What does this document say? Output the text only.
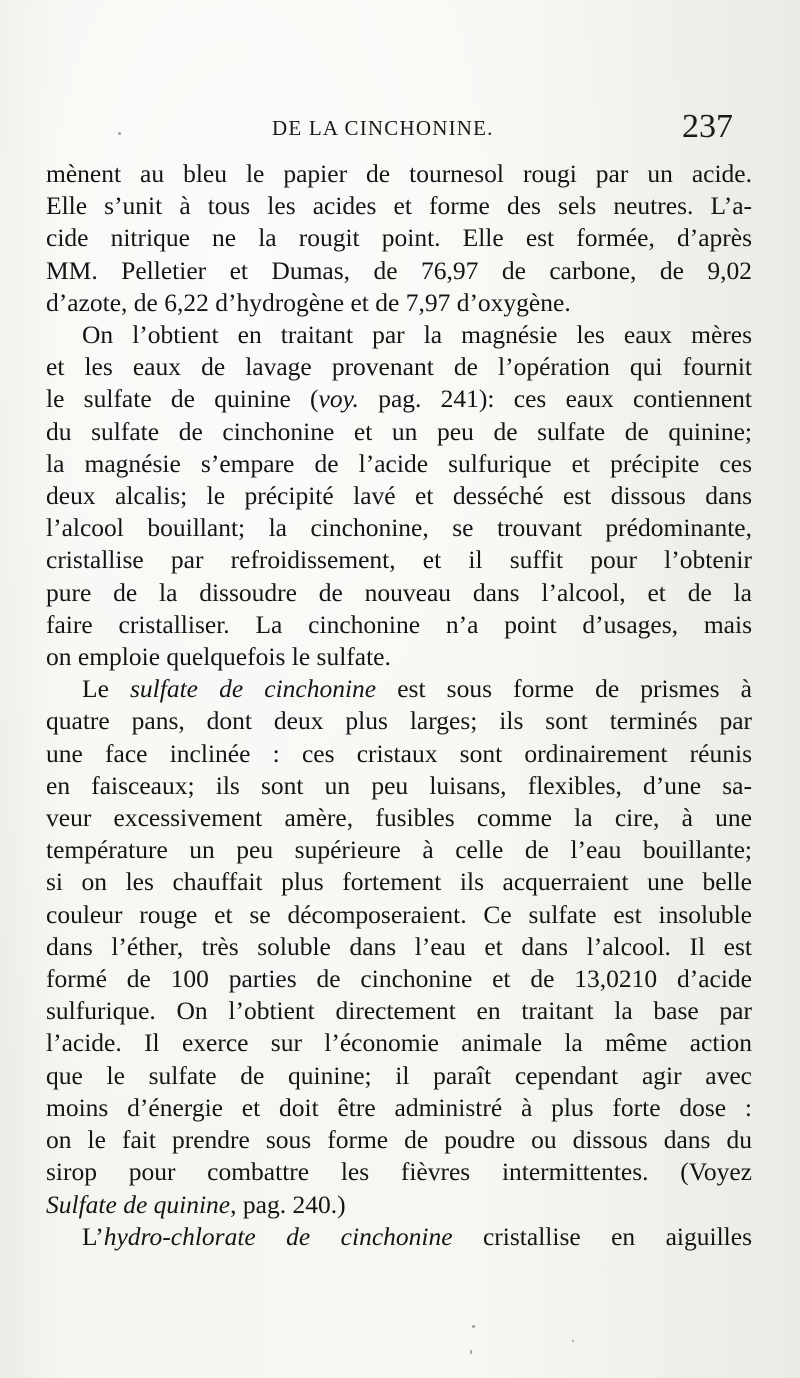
DE LA CINCHONINE.	237
mènent au bleu le papier de tournesol rougi par un acide.
Elle s’unit à tous les acides et forme des sels neutres. L’a-
cide nitrique ne la rougit point. Elle est formée, d’après
MM. Pelletier et Dumas, de 76,97 de carbone, de 9,02
d’azote, de 6,22 d’hydrogène et de 7,97 d’oxygène.
On l’obtient en traitant par la magnésie les eaux mères
et les eaux de lavage provenant de l’opération qui fournit
le sulfate de quinine (voy. pag. 241): ces eaux contiennent
du sulfate de cinchonine et un peu de sulfate de quinine;
la magnésie s’empare de l’acide sulfurique et précipite ces
deux alcalis; le précipité lavé et desséché est dissous dans
l’alcool bouillant; la cinchonine, se trouvant prédominante,
cristallise par refroidissement, et il suffit pour l’obtenir
pure de la dissoudre de nouveau dans l’alcool, et de la
faire cristalliser. La cinchonine n’a point d’usages, mais
on emploie quelquefois le sulfate.
Le sulfate de cinchonine est sous forme de prismes à
quatre pans, dont deux plus larges; ils sont terminés par
une face inclinée : ces cristaux sont ordinairement réunis
en faisceaux; ils sont un peu luisans, flexibles, d’une sa-
veur excessivement amère, fusibles comme la cire, à une
température un peu supérieure à celle de l’eau bouillante;
si on les chauffait plus fortement ils acquerraient une belle
couleur rouge et se décomposeraient. Ce sulfate est insoluble
dans l’éther, très soluble dans l’eau et dans l’alcool. Il est
formé de 100 parties de cinchonine et de 13,0210 d’acide
sulfurique. On l’obtient directement en traitant la base par
l’acide. Il exerce sur l’économie animale la même action
que le sulfate de quinine; il paraît cependant agir avec
moins d’énergie et doit être administré à plus forte dose :
on le fait prendre sous forme de poudre ou dissous dans du
sirop pour combattre les fièvres intermittentes. (Voyez
Sulfate de quinine, pag. 240.)
L’hydro-chlorate de cinchonine cristallise en aiguilles
